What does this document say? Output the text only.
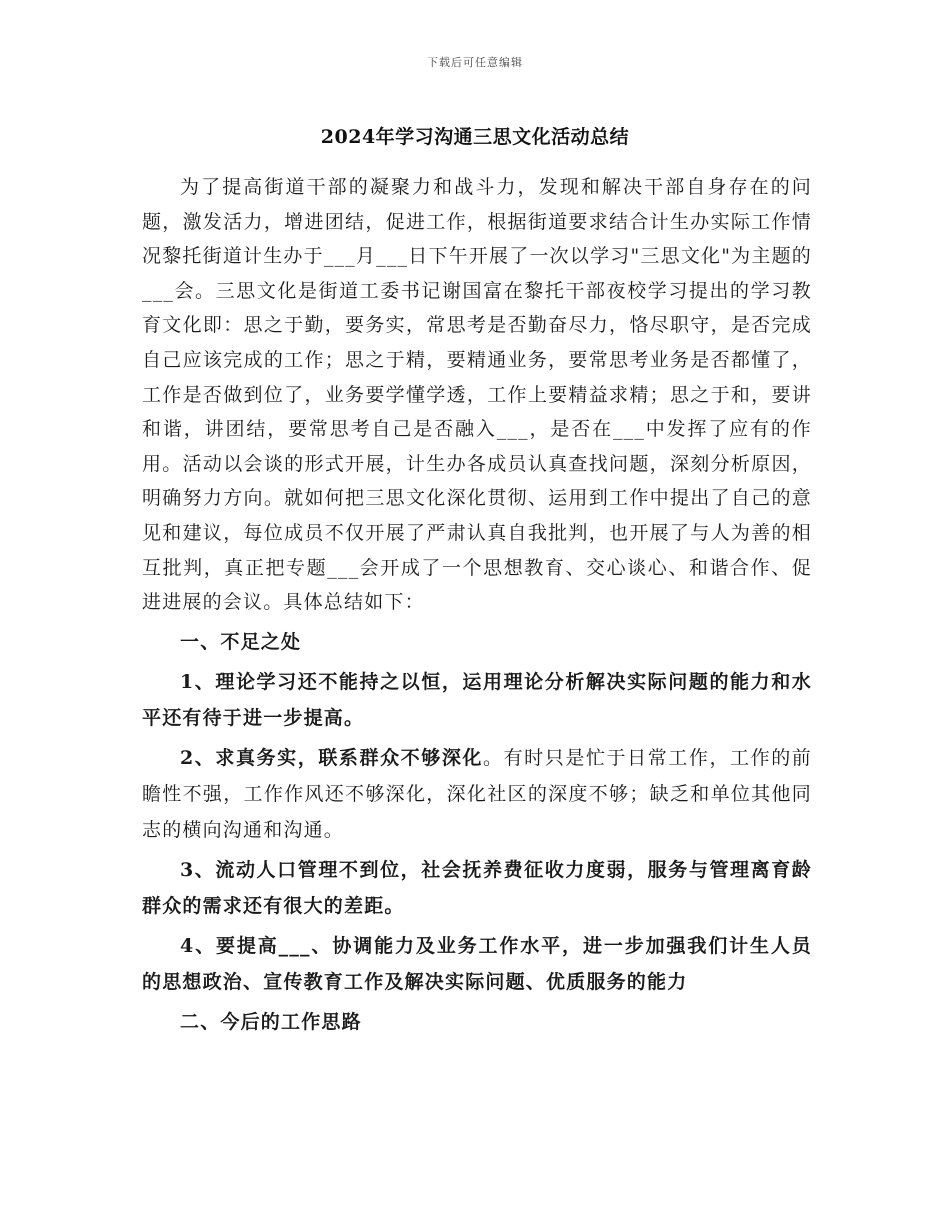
下载后可任意编辑
2024年学习沟通三思文化活动总结

为了提高街道干部的凝聚力和战斗力，发现和解决干部自身存在的问题，激发活力，增进团结，促进工作，根据街道要求结合计生办实际工作情况黎托街道计生办于___月___日下午开展了一次以学习"三思文化"为主题的___会。三思文化是街道工委书记谢国富在黎托干部夜校学习提出的学习教育文化即：思之于勤，要务实，常思考是否勤奋尽力，恪尽职守，是否完成自己应该完成的工作；思之于精，要精通业务，要常思考业务是否都懂了，工作是否做到位了，业务要学懂学透，工作上要精益求精；思之于和，要讲和谐，讲团结，要常思考自己是否融入___，是否在___中发挥了应有的作用。活动以会谈的形式开展，计生办各成员认真查找问题，深刻分析原因，明确努力方向。就如何把三思文化深化贯彻、运用到工作中提出了自己的意见和建议，每位成员不仅开展了严肃认真自我批判，也开展了与人为善的相互批判，真正把专题___会开成了一个思想教育、交心谈心、和谐合作、促进进展的会议。具体总结如下：

一、不足之处

1、理论学习还不能持之以恒，运用理论分析解决实际问题的能力和水平还有待于进一步提高。

2、求真务实，联系群众不够深化。有时只是忙于日常工作，工作的前瞻性不强，工作作风还不够深化，深化社区的深度不够；缺乏和单位其他同志的横向沟通和沟通。

3、流动人口管理不到位，社会抚养费征收力度弱，服务与管理离育龄群众的需求还有很大的差距。

4、要提高___、协调能力及业务工作水平，进一步加强我们计生人员的思想政治、宣传教育工作及解决实际问题、优质服务的能力

二、今后的工作思路
